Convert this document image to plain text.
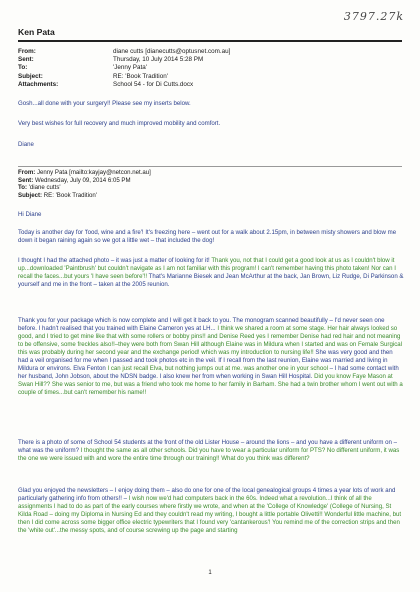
3797.27k
Ken Pata
From:	diane cutts [dianecutts@optusnet.com.au]
Sent:	Thursday, 10 July 2014 5:28 PM
To:	'Jenny Pata'
Subject:	RE: 'Book Tradition'
Attachments:	School 54 - for Di Cutts.docx
Gosh...all done with your surgery!! Please see my inserts below.
Very best wishes for full recovery and much improved mobility and comfort.
Diane
From: Jenny Pata [mailto:kayjay@netcon.net.au]
Sent: Wednesday, July 09, 2014 6:05 PM
To: 'diane cutts'
Subject: RE: 'Book Tradition'
Hi Diane

Today is another day for 'food, wine and a fire'! It's freezing here – went out for a walk about 2.15pm, in between misty showers and blow me down it began raining again so we got a little wet – that included the dog!

I thought I had the attached photo – it was just a matter of looking for it! Thank you, not that I could get a good look at us as I couldn't blow it up...downloaded 'Paintbrush' but couldn't navigate as I am not familiar with this program! I can't remember having this photo taken! Nor can I recall the faces...but yours 'I have seen before'!! That's Marianne Biesek and Jean McArthur at the back, Jan Brown, Liz Rudge, Di Parkinson & yourself and me in the front – taken at the 2005 reunion.

Thank you for your package which is now complete and I will get it back to you. The monogram scanned beautifully – I'd never seen one before. I hadn't realised that you trained with Elaine Cameron yes at LH... I think we shared a room at some stage. Her hair always looked so good, and I tried to get mine like that with some rollers or bobby pins!! and Denise Reed yes I remember Denise had red hair and not meaning to be offensive, some freckles also!!–they were both from Swan Hill although Elaine was in Mildura when I started and was on Female Surgical this was probably during her second year and the exchange period! which was my introduction to nursing life!! She was very good and then had a veil organised for me when I passed and took photos etc in the veil. If I recall from the last reunion, Elaine was married and living in Mildura or environs. Elva Fenton I can just recall Elva, but nothing jumps out at me. was another one in your school – I had some contact with her husband, John Jobson, about the NDSN badge. I also knew her from when working in Swan Hill Hospital. Did you know Faye Mason at Swan Hill?? She was senior to me, but was a friend who took me home to her family in Barham. She had a twin brother whom I went out with a couple of times...but can't remember his name!!

There is a photo of some of School 54 students at the front of the old Lister House – around the lions – and you have a different uniform on – what was the uniform? I thought the same as all other schools. Did you have to wear a particular uniform for PTS? No different uniform, it was the one we were issued with and wore the entire time through our training!! What do you think was different?

Glad you enjoyed the newsletters – I enjoy doing them – also do one for one of the local genealogical groups 4 times a year lots of work and particularly gathering info from others!! – I wish now we'd had computers back in the 60s. Indeed what a revolution...I think of all the assignments I had to do as part of the early courses where firstly we wrote, and when at the 'College of Knowledge' (College of Nursing, St Kilda Road – doing my Diploma in Nursing Ed and they couldn't read my writing, I bought a little portable Olivetti!! Wonderful little machine, but then I did come across some bigger office electric typewriters that I found very 'cantankerous'! You remind me of the correction strips and then the 'white out'...the messy spots, and of course screwing up the page and starting

1
